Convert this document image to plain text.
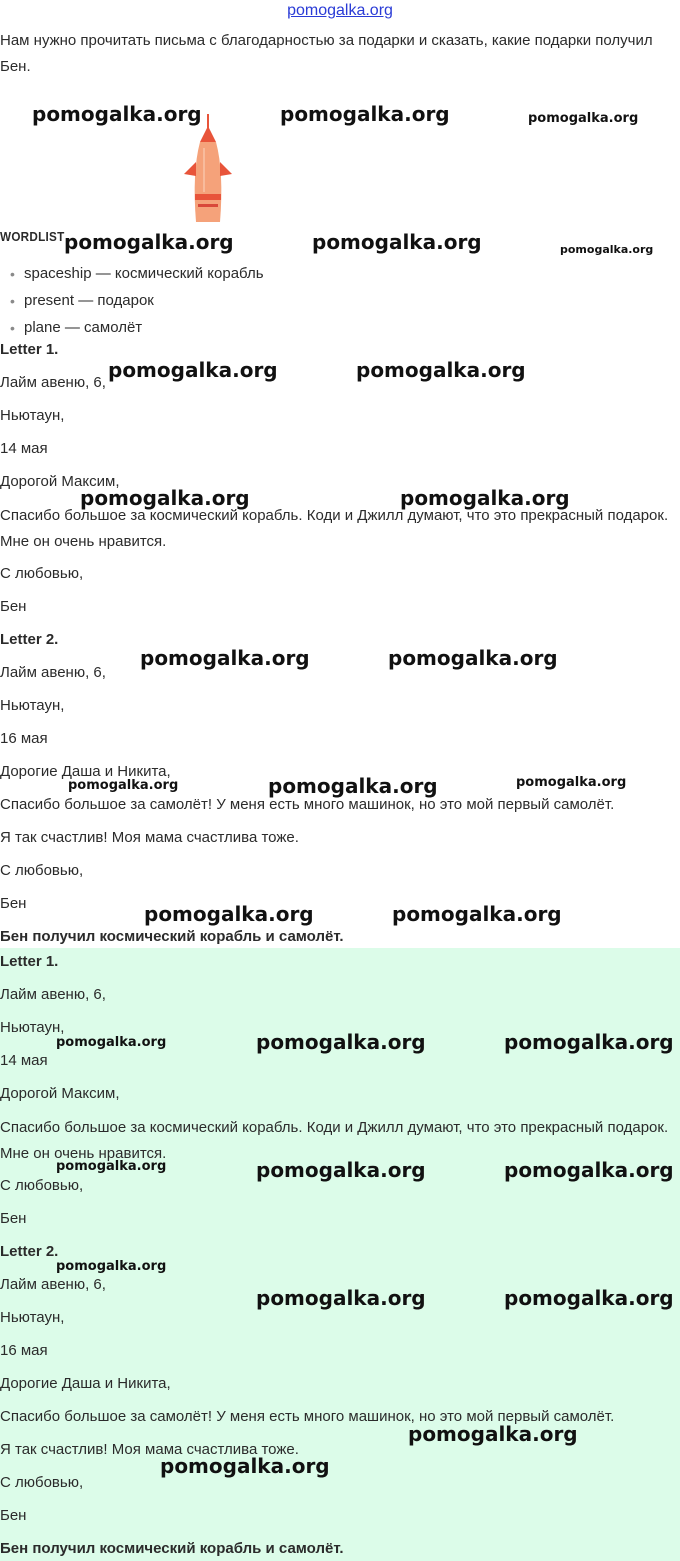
pomogalka.org
Нам нужно прочитать письма с благодарностью за подарки и сказать, какие подарки получил Бен.
WORDLIST
• spaceship — космический корабль
• present — подарок
• plane — самолёт
Letter 1.
Лайм авеню, 6,
Ньютаун,
14 мая
Дорогой Максим,
Спасибо большое за космический корабль. Коди и Джилл думают, что это прекрасный подарок. Мне он очень нравится.
С любовью,
Бен
Letter 2.
Лайм авеню, 6,
Ньютаун,
16 мая
Дорогие Даша и Никита,
Спасибо большое за самолёт! У меня есть много машинок, но это мой первый самолёт.
Я так счастлив! Моя мама счастлива тоже.
С любовью,
Бен
Бен получил космический корабль и самолёт.
Letter 1.
Лайм авеню, 6,
Ньютаун,
14 мая
Дорогой Максим,
Спасибо большое за космический корабль. Коди и Джилл думают, что это прекрасный подарок. Мне он очень нравится.
С любовью,
Бен
Letter 2.
Лайм авеню, 6,
Ньютаун,
16 мая
Дорогие Даша и Никита,
Спасибо большое за самолёт! У меня есть много машинок, но это мой первый самолёт.
Я так счастлив! Моя мама счастлива тоже.
С любовью,
Бен
Бен получил космический корабль и самолёт.
pomogalka.org	pomogalka.org	pomogalka.org
pomogalka.org	pomogalka.org	pomogalka.org
pomogalka.org	pomogalka.org
pomogalka.org	pomogalka.org
pomogalka.org	pomogalka.org
pomogalka.org	pomogalka.org	pomogalka.org
pomogalka.org	pomogalka.org
pomogalka.org	pomogalka.org	pomogalka.org
pomogalka.org	pomogalka.org	pomogalka.org
pomogalka.org
pomogalka.org	pomogalka.org
pomogalka.org
pomogalka.org
